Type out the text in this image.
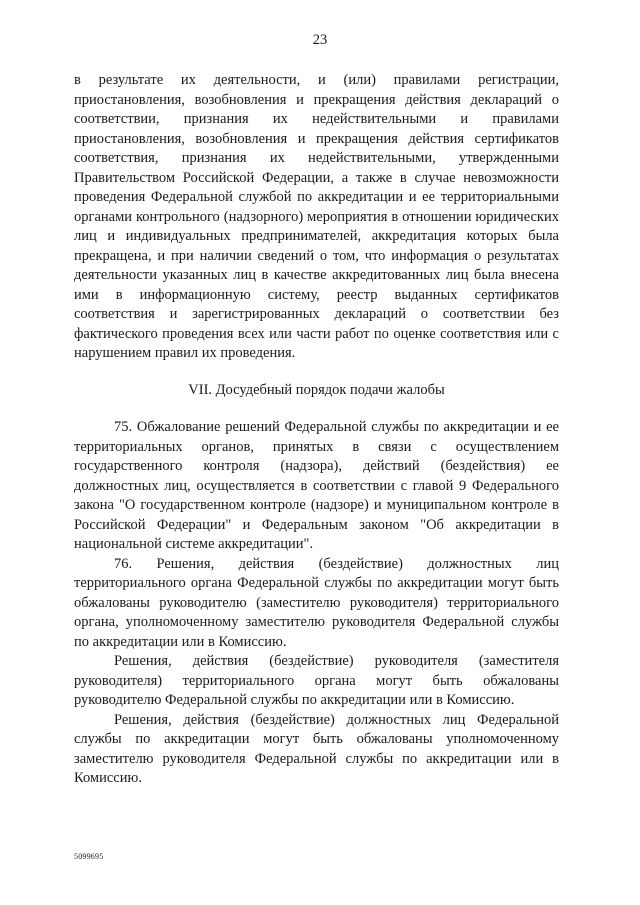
23

в результате их деятельности, и (или) правилами регистрации, приостановления, возобновления и прекращения действия деклараций о соответствии, признания их недействительными и правилами приостановления, возобновления и прекращения действия сертификатов соответствия, признания их недействительными, утвержденными Правительством Российской Федерации, а также в случае невозможности проведения Федеральной службой по аккредитации и ее территориальными органами контрольного (надзорного) мероприятия в отношении юридических лиц и индивидуальных предпринимателей, аккредитация которых была прекращена, и при наличии сведений о том, что информация о результатах деятельности указанных лиц в качестве аккредитованных лиц была внесена ими в информационную систему, реестр выданных сертификатов соответствия и зарегистрированных деклараций о соответствии без фактического проведения всех или части работ по оценке соответствия или с нарушением правил их проведения.

VII. Досудебный порядок подачи жалобы

75. Обжалование решений Федеральной службы по аккредитации и ее территориальных органов, принятых в связи с осуществлением государственного контроля (надзора), действий (бездействия) ее должностных лиц, осуществляется в соответствии с главой 9 Федерального закона "О государственном контроле (надзоре) и муниципальном контроле в Российской Федерации" и Федеральным законом "Об аккредитации в национальной системе аккредитации".

76. Решения, действия (бездействие) должностных лиц территориального органа Федеральной службы по аккредитации могут быть обжалованы руководителю (заместителю руководителя) территориального органа, уполномоченному заместителю руководителя Федеральной службы по аккредитации или в Комиссию.

Решения, действия (бездействие) руководителя (заместителя руководителя) территориального органа могут быть обжалованы руководителю Федеральной службы по аккредитации или в Комиссию.

Решения, действия (бездействие) должностных лиц Федеральной службы по аккредитации могут быть обжалованы уполномоченному заместителю руководителя Федеральной службы по аккредитации или в Комиссию.

5099695
